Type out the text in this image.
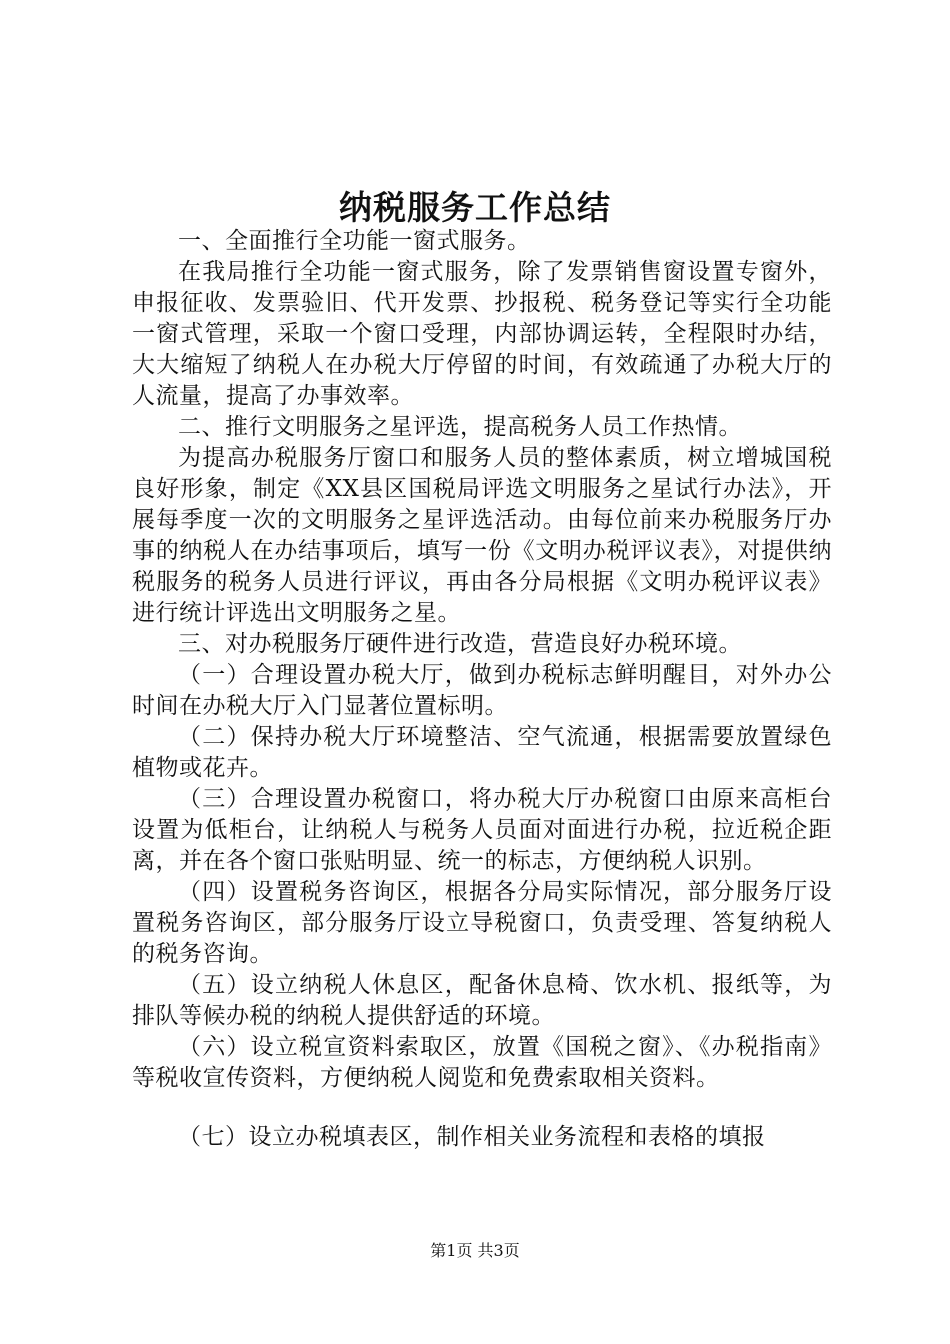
纳税服务工作总结

一、全面推行全功能一窗式服务。

在我局推行全功能一窗式服务，除了发票销售窗设置专窗外，申报征收、发票验旧、代开发票、抄报税、税务登记等实行全功能一窗式管理，采取一个窗口受理，内部协调运转，全程限时办结，大大缩短了纳税人在办税大厅停留的时间，有效疏通了办税大厅的人流量，提高了办事效率。

二、推行文明服务之星评选，提高税务人员工作热情。

为提高办税服务厅窗口和服务人员的整体素质，树立增城国税良好形象，制定《XX县区国税局评选文明服务之星试行办法》，开展每季度一次的文明服务之星评选活动。由每位前来办税服务厅办事的纳税人在办结事项后，填写一份《文明办税评议表》，对提供纳税服务的税务人员进行评议，再由各分局根据《文明办税评议表》进行统计评选出文明服务之星。

三、对办税服务厅硬件进行改造，营造良好办税环境。

（一）合理设置办税大厅，做到办税标志鲜明醒目，对外办公时间在办税大厅入门显著位置标明。

（二）保持办税大厅环境整洁、空气流通，根据需要放置绿色植物或花卉。

（三）合理设置办税窗口，将办税大厅办税窗口由原来高柜台设置为低柜台，让纳税人与税务人员面对面进行办税，拉近税企距离，并在各个窗口张贴明显、统一的标志，方便纳税人识别。

（四）设置税务咨询区，根据各分局实际情况，部分服务厅设置税务咨询区，部分服务厅设立导税窗口，负责受理、答复纳税人的税务咨询。

（五）设立纳税人休息区，配备休息椅、饮水机、报纸等，为排队等候办税的纳税人提供舒适的环境。

（六）设立税宣资料索取区，放置《国税之窗》、《办税指南》等税收宣传资料，方便纳税人阅览和免费索取相关资料。

（七）设立办税填表区，制作相关业务流程和表格的填报

第1页 共3页
